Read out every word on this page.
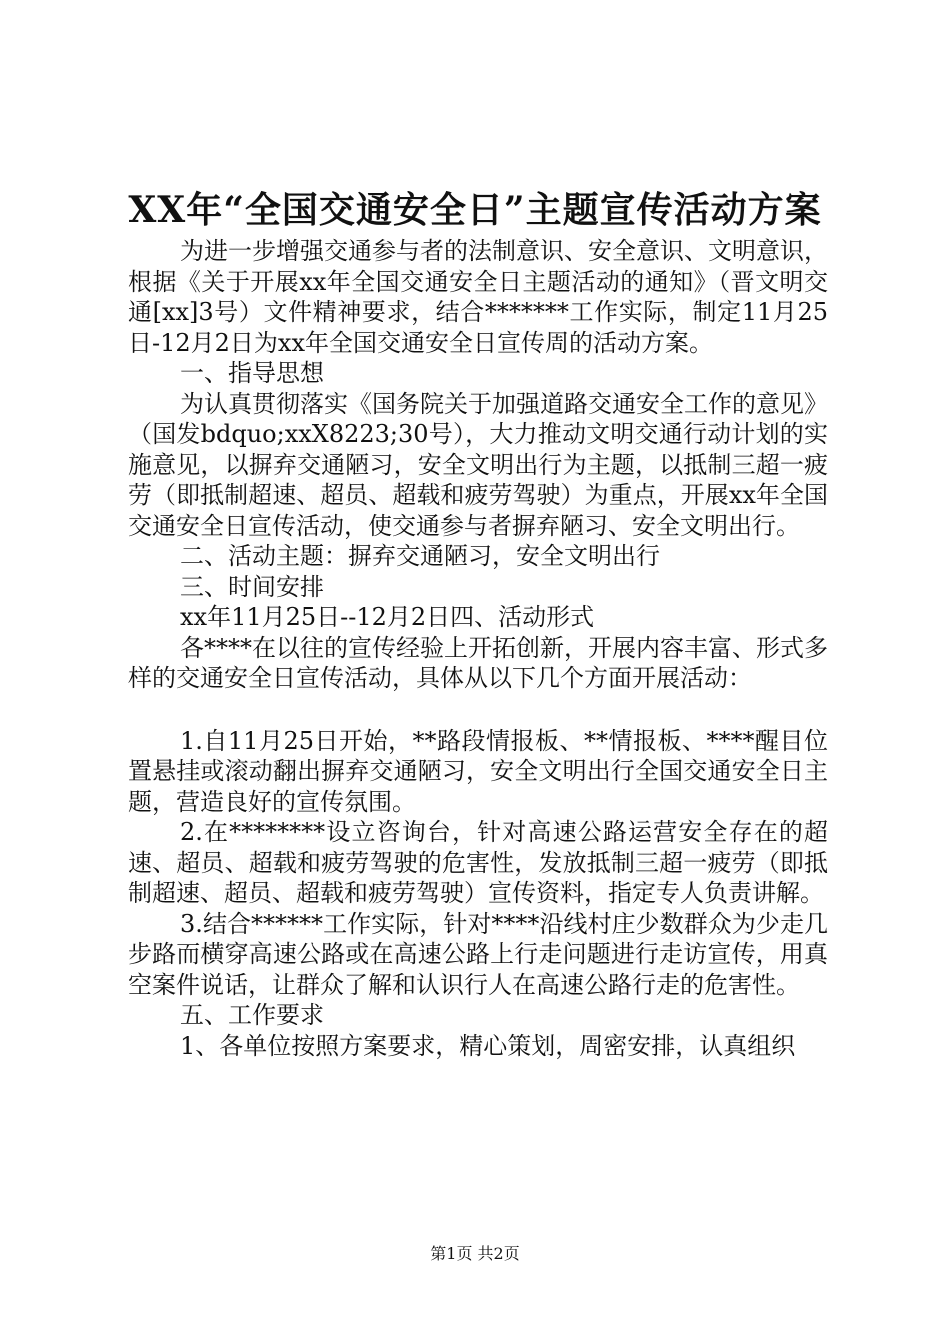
XX年“全国交通安全日”主题宣传活动方案

为进一步增强交通参与者的法制意识、安全意识、文明意识，根据《关于开展xx年全国交通安全日主题活动的通知》（晋文明交通[xx]3号）文件精神要求，结合*******工作实际，制定11月25日-12月2日为xx年全国交通安全日宣传周的活动方案。

一、指导思想

为认真贯彻落实《国务院关于加强道路交通安全工作的意见》（国发bdquo;xxX8223;30号），大力推动文明交通行动计划的实施意见，以摒弃交通陋习，安全文明出行为主题，以抵制三超一疲劳（即抵制超速、超员、超载和疲劳驾驶）为重点，开展xx年全国交通安全日宣传活动，使交通参与者摒弃陋习、安全文明出行。

二、活动主题：摒弃交通陋习，安全文明出行

三、时间安排

xx年11月25日--12月2日四、活动形式

各****在以往的宣传经验上开拓创新，开展内容丰富、形式多样的交通安全日宣传活动，具体从以下几个方面开展活动：

1.自11月25日开始，**路段情报板、**情报板、****醒目位置悬挂或滚动翻出摒弃交通陋习，安全文明出行全国交通安全日主题，营造良好的宣传氛围。

2.在********设立咨询台，针对高速公路运营安全存在的超速、超员、超载和疲劳驾驶的危害性，发放抵制三超一疲劳（即抵制超速、超员、超载和疲劳驾驶）宣传资料，指定专人负责讲解。

3.结合******工作实际，针对****沿线村庄少数群众为少走几步路而横穿高速公路或在高速公路上行走问题进行走访宣传，用真空案件说话，让群众了解和认识行人在高速公路行走的危害性。

五、工作要求

1、各单位按照方案要求，精心策划，周密安排，认真组织

第1页 共2页
